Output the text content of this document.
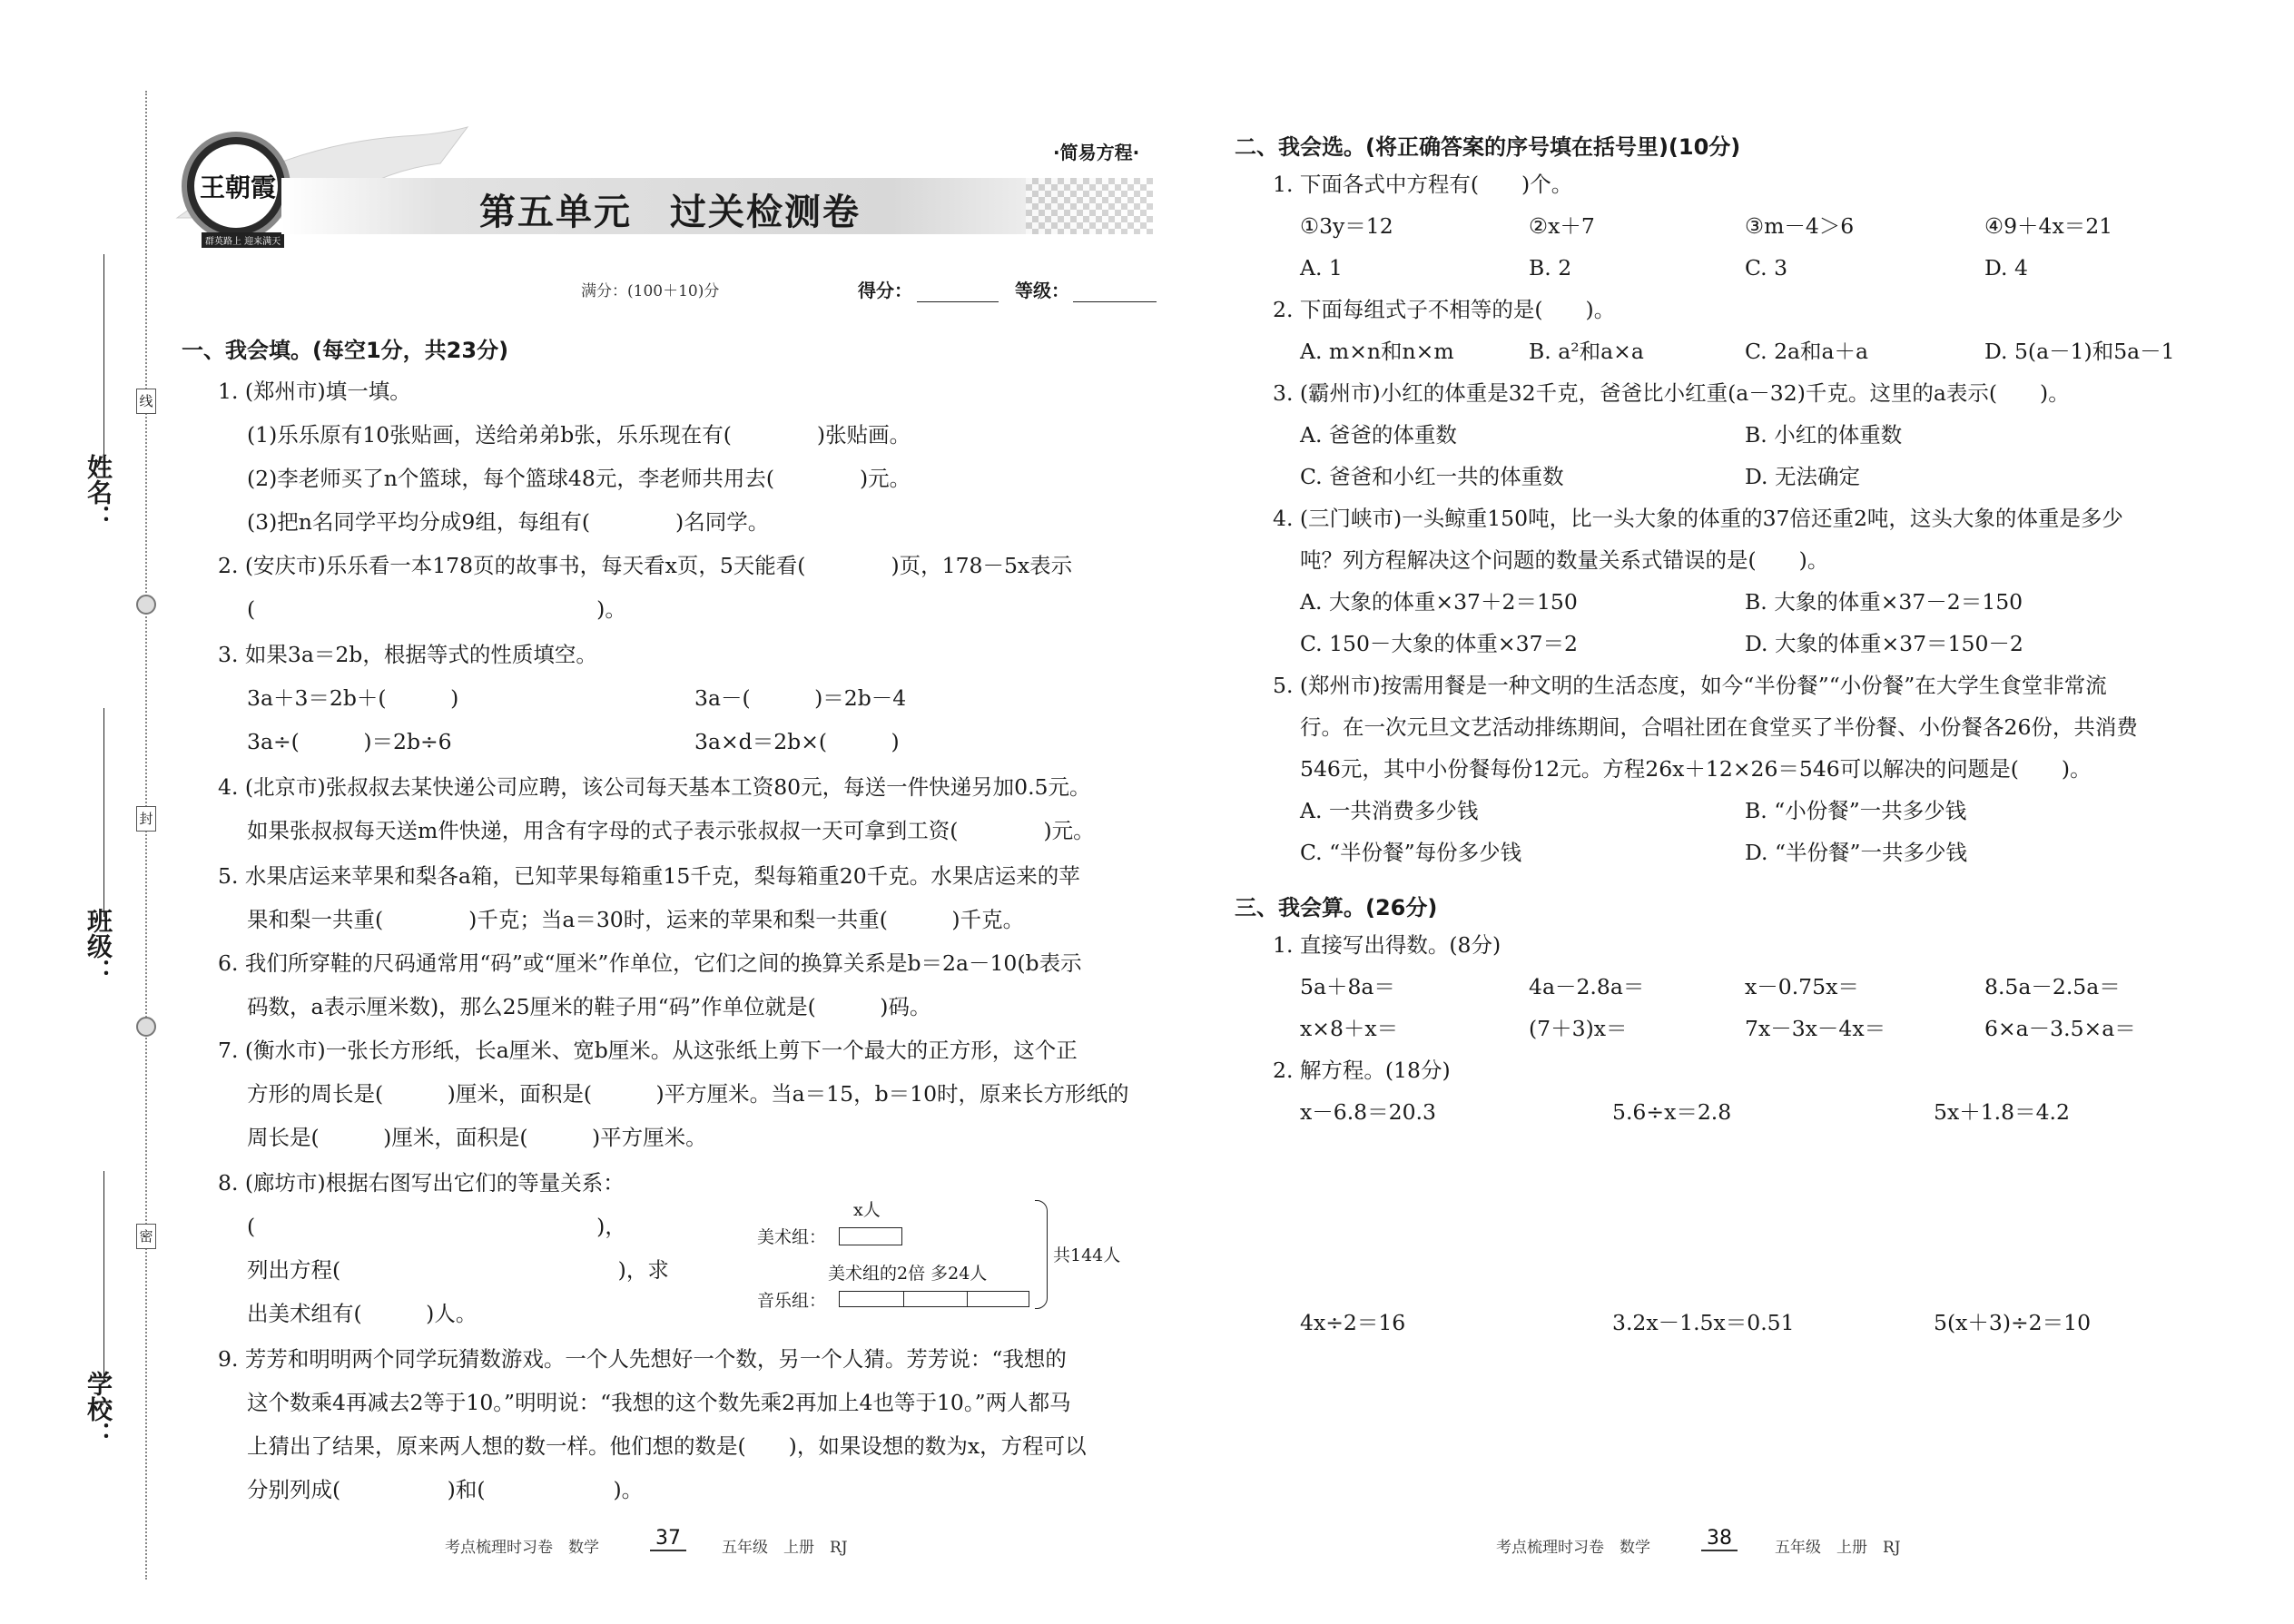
姓名：
班级：
学校：
线
封
密
王朝霞
群英路上 迎来满天
第五单元　过关检测卷
·简易方程·
满分：(100＋10)分	得分：	等级：
一、我会填。(每空1分，共23分)
1. (郑州市)填一填。
(1)乐乐原有10张贴画，送给弟弟b张，乐乐现在有(　　　　)张贴画。
(2)李老师买了n个篮球，每个篮球48元，李老师共用去(　　　　)元。
(3)把n名同学平均分成9组，每组有(　　　　)名同学。
2. (安庆市)乐乐看一本178页的故事书，每天看x页，5天能看(　　　　)页，178－5x表示
(　　　　　　　　　　　　　　　　)。
3. 如果3a＝2b，根据等式的性质填空。
3a＋3＝2b＋(　　　)	3a－(　　　)＝2b－4
3a÷(　　　)＝2b÷6	3a×d＝2b×(　　　)
4. (北京市)张叔叔去某快递公司应聘，该公司每天基本工资80元，每送一件快递另加0.5元。
如果张叔叔每天送m件快递，用含有字母的式子表示张叔叔一天可拿到工资(　　　　)元。
5. 水果店运来苹果和梨各a箱，已知苹果每箱重15千克，梨每箱重20千克。水果店运来的苹
果和梨一共重(　　　　)千克；当a＝30时，运来的苹果和梨一共重(　　　)千克。
6. 我们所穿鞋的尺码通常用“码”或“厘米”作单位，它们之间的换算关系是b＝2a－10(b表示
码数，a表示厘米数)，那么25厘米的鞋子用“码”作单位就是(　　　)码。
7. (衡水市)一张长方形纸，长a厘米、宽b厘米。从这张纸上剪下一个最大的正方形，这个正
方形的周长是(　　　)厘米，面积是(　　　)平方厘米。当a＝15，b＝10时，原来长方形纸的
周长是(　　　)厘米，面积是(　　　)平方厘米。
8. (廊坊市)根据右图写出它们的等量关系：
(　　　　　　　　　　　　　　　　)，
列出方程(　　　　　　　　　　　　　)，求
出美术组有(　　　)人。
x人
美术组：
美术组的2倍 多24人
音乐组：
共144人
9. 芳芳和明明两个同学玩猜数游戏。一个人先想好一个数，另一个人猜。芳芳说：“我想的
这个数乘4再减去2等于10。”明明说：“我想的这个数先乘2再加上4也等于10。”两人都马
上猜出了结果，原来两人想的数一样。他们想的数是(　　)，如果设想的数为x，方程可以
分别列成(　　　　　)和(　　　　　　)。
考点梳理时习卷　数学	37	五年级　上册　RJ
二、我会选。(将正确答案的序号填在括号里)(10分)
1. 下面各式中方程有(　　)个。
①3y＝12	②x＋7	③m－4＞6	④9＋4x＝21
A. 1	B. 2	C. 3	D. 4
2. 下面每组式子不相等的是(　　)。
A. m×n和n×m	B. a²和a×a	C. 2a和a＋a	D. 5(a－1)和5a－1
3. (霸州市)小红的体重是32千克，爸爸比小红重(a－32)千克。这里的a表示(　　)。
A. 爸爸的体重数	B. 小红的体重数
C. 爸爸和小红一共的体重数	D. 无法确定
4. (三门峡市)一头鲸重150吨，比一头大象的体重的37倍还重2吨，这头大象的体重是多少
吨？列方程解决这个问题的数量关系式错误的是(　　)。
A. 大象的体重×37＋2＝150	B. 大象的体重×37－2＝150
C. 150－大象的体重×37＝2	D. 大象的体重×37＝150－2
5. (郑州市)按需用餐是一种文明的生活态度，如今“半份餐”“小份餐”在大学生食堂非常流
行。在一次元旦文艺活动排练期间，合唱社团在食堂买了半份餐、小份餐各26份，共消费
546元，其中小份餐每份12元。方程26x＋12×26＝546可以解决的问题是(　　)。
A. 一共消费多少钱	B. “小份餐”一共多少钱
C. “半份餐”每份多少钱	D. “半份餐”一共多少钱
三、我会算。(26分)
1. 直接写出得数。(8分)
5a＋8a＝	4a－2.8a＝	x－0.75x＝	8.5a－2.5a＝
x×8＋x＝	(7＋3)x＝	7x－3x－4x＝	6×a－3.5×a＝
2. 解方程。(18分)
x－6.8＝20.3	5.6÷x＝2.8	5x＋1.8＝4.2
4x÷2＝16	3.2x－1.5x＝0.51	5(x＋3)÷2＝10
考点梳理时习卷　数学	38	五年级　上册　RJ
